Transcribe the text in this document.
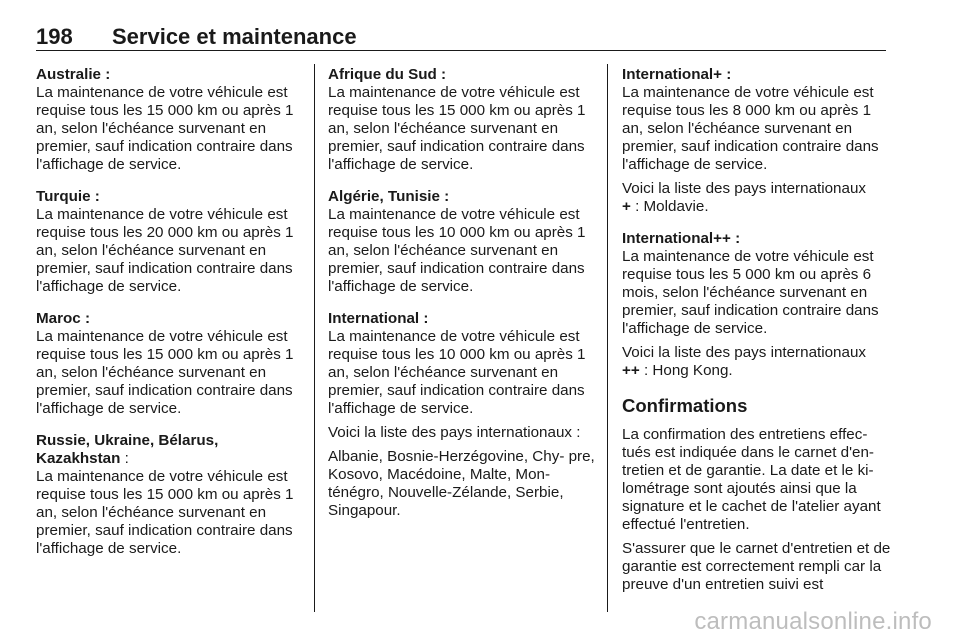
198 Service et maintenance

Australie :

La maintenance de votre véhicule est requise tous les 15 000 km ou après 1 an, selon l'échéance survenant en premier, sauf indication contraire dans l'affichage de service.

Turquie :

La maintenance de votre véhicule est requise tous les 20 000 km ou après 1 an, selon l'échéance survenant en premier, sauf indication contraire dans l'affichage de service.

Maroc :

La maintenance de votre véhicule est requise tous les 15 000 km ou après 1 an, selon l'échéance survenant en premier, sauf indication contraire dans l'affichage de service.

Russie, Ukraine, Bélarus,
Kazakhstan :

La maintenance de votre véhicule est requise tous les 15 000 km ou après 1 an, selon l'échéance survenant en premier, sauf indication contraire dans l'affichage de service.

Afrique du Sud :

La maintenance de votre véhicule est requise tous les 15 000 km ou après 1 an, selon l'échéance survenant en premier, sauf indication contraire dans l'affichage de service.

Algérie, Tunisie :

La maintenance de votre véhicule est requise tous les 10 000 km ou après 1 an, selon l'échéance survenant en premier, sauf indication contraire dans l'affichage de service.

International :

La maintenance de votre véhicule est requise tous les 10 000 km ou après 1 an, selon l'échéance survenant en premier, sauf indication contraire dans l'affichage de service.

Voici la liste des pays internationaux :

Albanie, Bosnie-Herzégovine, Chy- pre, Kosovo, Macédoine, Malte, Mon- ténégro, Nouvelle-Zélande, Serbie, Singapour.

International+ :

La maintenance de votre véhicule est requise tous les 8 000 km ou après 1 an, selon l'échéance survenant en premier, sauf indication contraire dans l'affichage de service.

Voici la liste des pays internationaux

+ : Moldavie.

International++ :

La maintenance de votre véhicule est requise tous les 5 000 km ou après 6 mois, selon l'échéance survenant en premier, sauf indication contraire dans l'affichage de service.

Voici la liste des pays internationaux

++ : Hong Kong.

Confirmations

La confirmation des entretiens effec- tués est indiquée dans le carnet d'en- tretien et de garantie. La date et le ki- lométrage sont ajoutés ainsi que la signature et le cachet de l'atelier ayant effectué l'entretien.

S'assurer que le carnet d'entretien et de garantie est correctement rempli car la preuve d'un entretien suivi est

carmanualsonline.info
